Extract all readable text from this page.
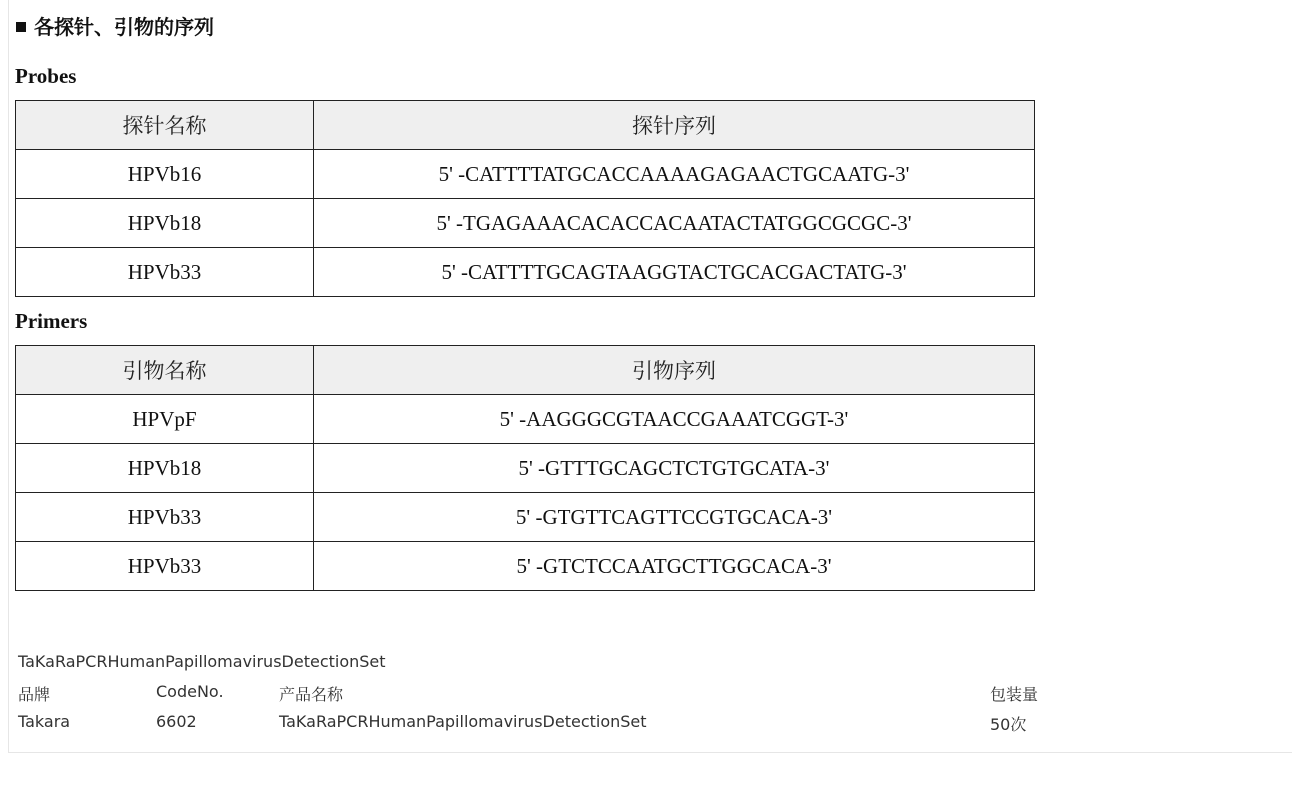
各探针、引物的序列
Probes
探针名称	探针序列
HPVb16	5' -CATTTTATGCACCAAAAGAGAACTGCAATG-3'
HPVb18	5' -TGAGAAACACACCACAATACTATGGCGCGC-3'
HPVb33	5' -CATTTTGCAGTAAGGTACTGCACGACTATG-3'
Primers
引物名称	引物序列
HPVpF	5' -AAGGGCGTAACCGAAATCGGT-3'
HPVb18	5' -GTTTGCAGCTCTGTGCATA-3'
HPVb33	5' -GTGTTCAGTTCCGTGCACA-3'
HPVb33	5' -GTCTCCAATGCTTGGCACA-3'
TaKaRaPCRHumanPapillomavirusDetectionSet
品牌	CodeNo.	产品名称	包装量
Takara	6602	TaKaRaPCRHumanPapillomavirusDetectionSet	50次
